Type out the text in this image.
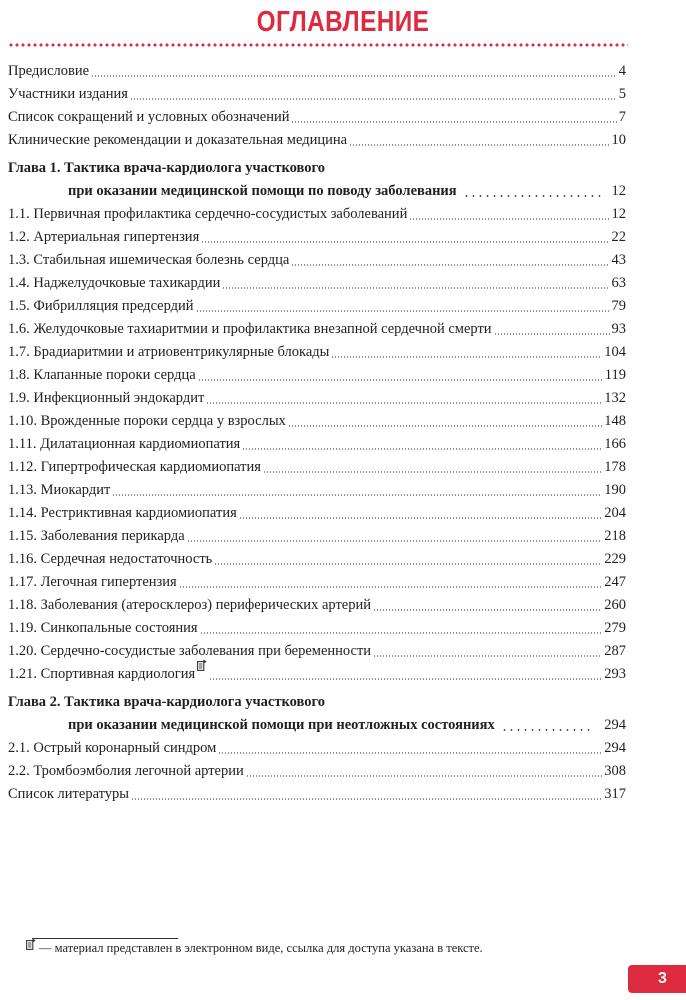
ОГЛАВЛЕНИЕ
Предисловие	4
Участники издания	5
Список сокращений и условных обозначений	7
Клинические рекомендации и доказательная медицина	10
Глава 1. Тактика врача-кардиолога участкового
при оказании медицинской помощи по поводу заболевания	12
1.1. Первичная профилактика сердечно-сосудистых заболеваний	12
1.2. Артериальная гипертензия	22
1.3. Стабильная ишемическая болезнь сердца	43
1.4. Наджелудочковые тахикардии	63
1.5. Фибрилляция предсердий	79
1.6. Желудочковые тахиаритмии и профилактика внезапной сердечной смерти	93
1.7. Брадиаритмии и атриовентрикулярные блокады	104
1.8. Клапанные пороки сердца	119
1.9. Инфекционный эндокардит	132
1.10. Врожденные пороки сердца у взрослых	148
1.11. Дилатационная кардиомиопатия	166
1.12. Гипертрофическая кардиомиопатия	178
1.13. Миокардит	190
1.14. Рестриктивная кардиомиопатия	204
1.15. Заболевания перикарда	218
1.16. Сердечная недостаточность	229
1.17. Легочная гипертензия	247
1.18. Заболевания (атеросклероз) периферических артерий	260
1.19. Синкопальные состояния	279
1.20. Сердечно-сосудистые заболевания при беременности	287
1.21. Спортивная кардиология	293
Глава 2. Тактика врача-кардиолога участкового
при оказании медицинской помощи при неотложных состояниях	294
2.1. Острый коронарный синдром	294
2.2. Тромбоэмболия легочной артерии	308
Список литературы	317
— материал представлен в электронном виде, ссылка для доступа указана в тексте.
3
